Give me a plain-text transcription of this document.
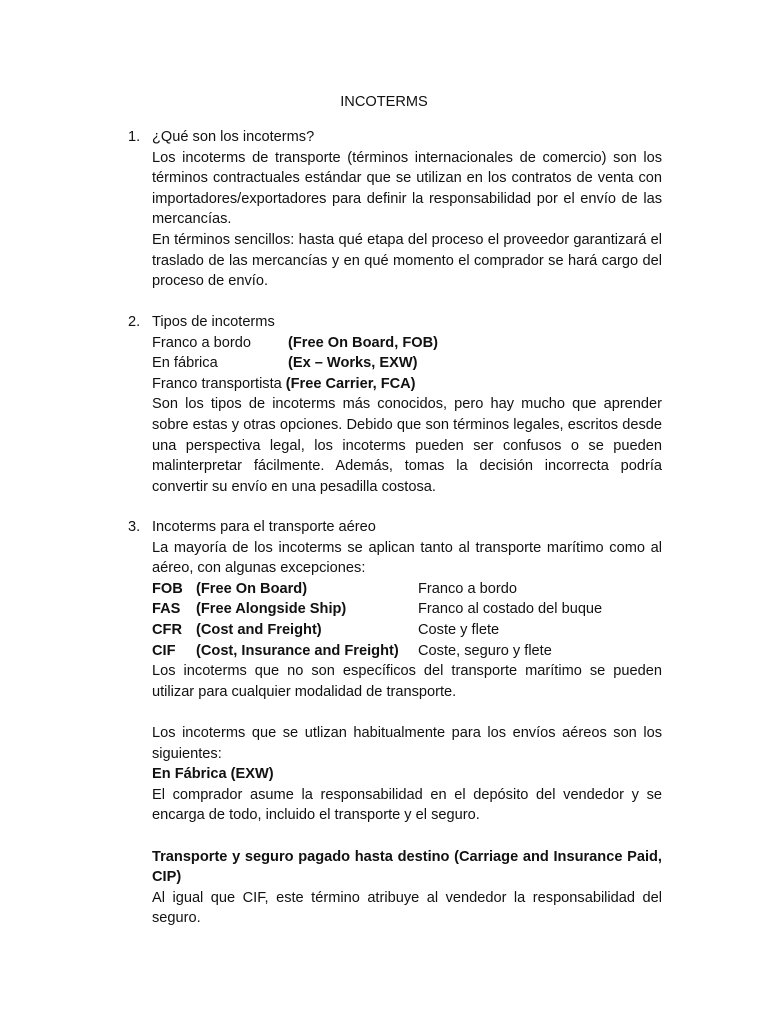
INCOTERMS
1. ¿Qué son los incoterms?

Los incoterms de transporte (términos internacionales de comercio) son los términos contractuales estándar que se utilizan en los contratos de venta con importadores/exportadores para definir la responsabilidad por el envío de las mercancías.

En términos sencillos: hasta qué etapa del proceso el proveedor garantizará el traslado de las mercancías y en qué momento el comprador se hará cargo del proceso de envío.

2. Tipos de incoterms

Franco a bordo	(Free On Board, FOB)
En fábrica	(Ex – Works, EXW)
Franco transportista (Free Carrier, FCA)

Son los tipos de incoterms más conocidos, pero hay mucho que aprender sobre estas y otras opciones. Debido que son términos legales, escritos desde una perspectiva legal, los incoterms pueden ser confusos o se pueden malinterpretar fácilmente. Además, tomas la decisión incorrecta podría convertir su envío en una pesadilla costosa.

3. Incoterms para el transporte aéreo

La mayoría de los incoterms se aplican tanto al transporte marítimo como al aéreo, con algunas excepciones:

FOB (Free On Board)	Franco a bordo
FAS	(Free Alongside Ship)	Franco al costado del buque
CFR (Cost and Freight)	Coste y flete
CIF	(Cost, Insurance and Freight)	Coste, seguro y flete

Los incoterms que no son específicos del transporte marítimo se pueden utilizar para cualquier modalidad de transporte.

Los incoterms que se utlizan habitualmente para los envíos aéreos son los siguientes:

En Fábrica (EXW)

El comprador asume la responsabilidad en el depósito del vendedor y se encarga de todo, incluido el transporte y el seguro.

Transporte y seguro pagado hasta destino (Carriage and Insurance Paid, CIP)

Al igual que CIF, este término atribuye al vendedor la responsabilidad del seguro.
